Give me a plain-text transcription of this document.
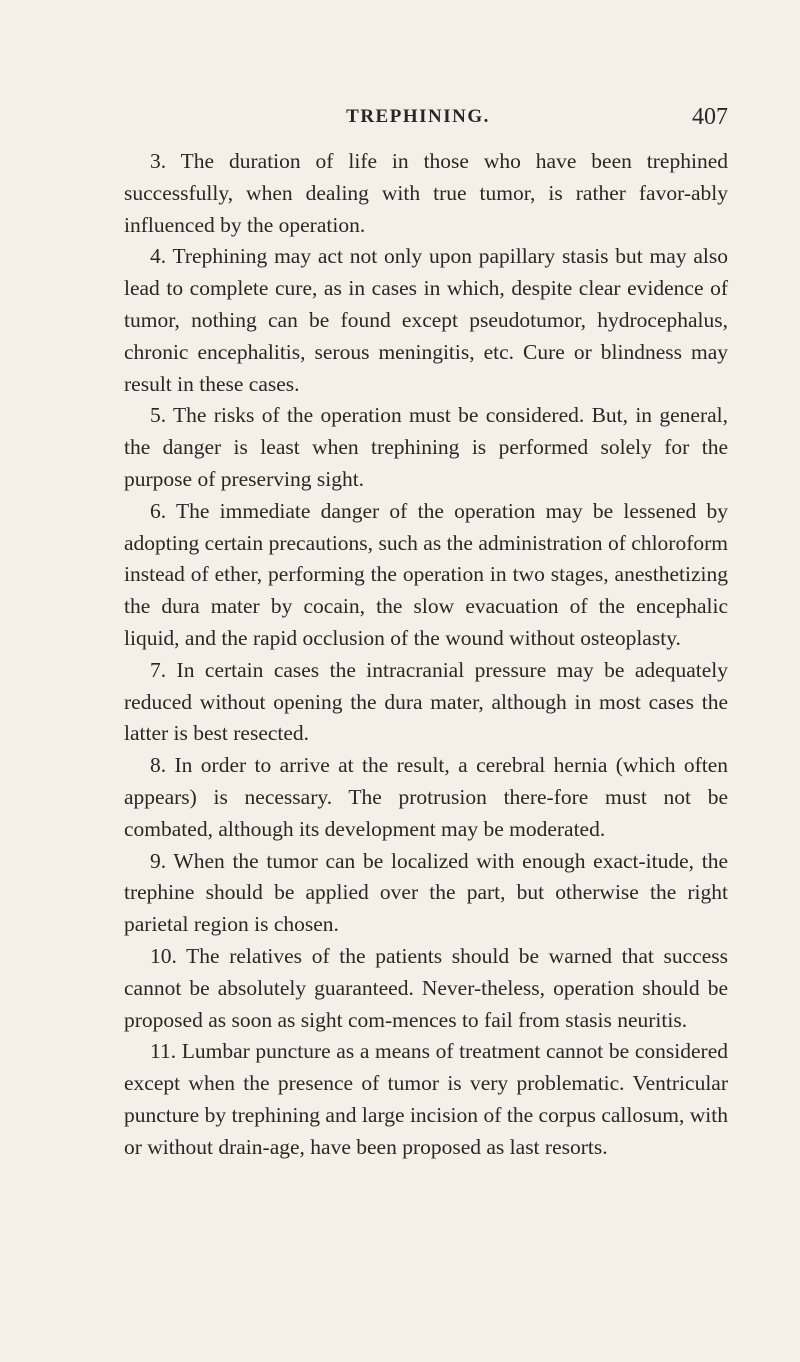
TREPHINING.	407

3. The duration of life in those who have been trephined successfully, when dealing with true tumor, is rather favor-ably influenced by the operation.

4. Trephining may act not only upon papillary stasis but may also lead to complete cure, as in cases in which, despite clear evidence of tumor, nothing can be found except pseudotumor, hydrocephalus, chronic encephalitis, serous meningitis, etc. Cure or blindness may result in these cases.

5. The risks of the operation must be considered. But, in general, the danger is least when trephining is performed solely for the purpose of preserving sight.

6. The immediate danger of the operation may be lessened by adopting certain precautions, such as the administration of chloroform instead of ether, performing the operation in two stages, anesthetizing the dura mater by cocain, the slow evacuation of the encephalic liquid, and the rapid occlusion of the wound without osteoplasty.

7. In certain cases the intracranial pressure may be adequately reduced without opening the dura mater, although in most cases the latter is best resected.

8. In order to arrive at the result, a cerebral hernia (which often appears) is necessary. The protrusion there-fore must not be combated, although its development may be moderated.

9. When the tumor can be localized with enough exact-itude, the trephine should be applied over the part, but otherwise the right parietal region is chosen.

10. The relatives of the patients should be warned that success cannot be absolutely guaranteed. Never-theless, operation should be proposed as soon as sight com-mences to fail from stasis neuritis.

11. Lumbar puncture as a means of treatment cannot be considered except when the presence of tumor is very problematic. Ventricular puncture by trephining and large incision of the corpus callosum, with or without drain-age, have been proposed as last resorts.
